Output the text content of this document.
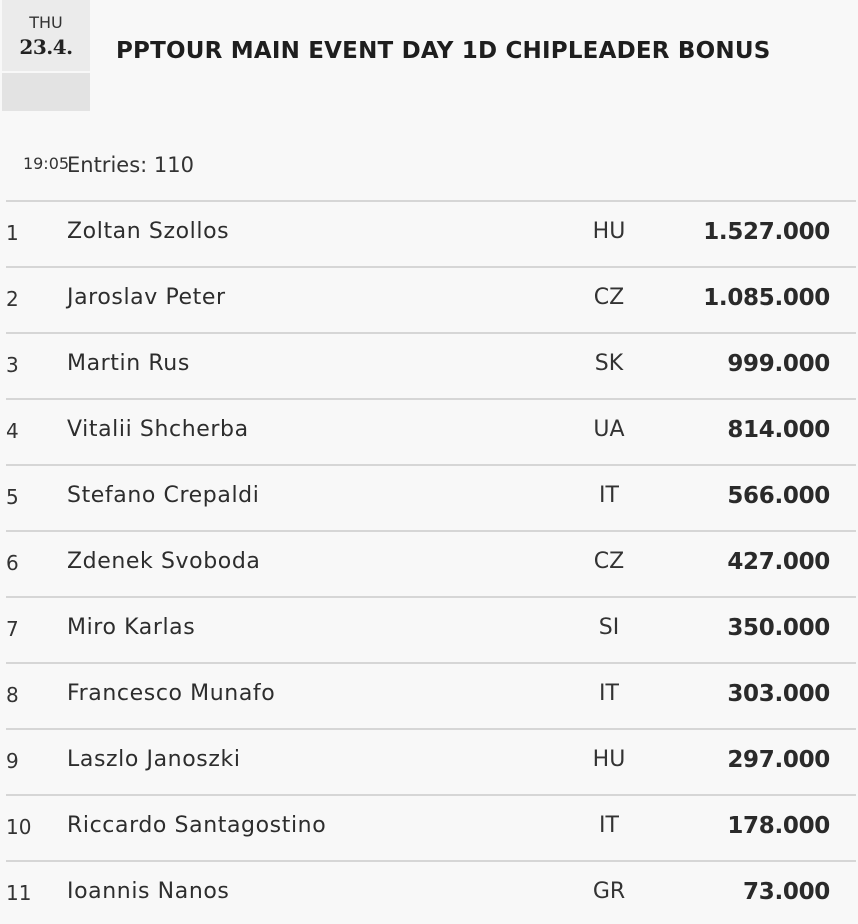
THU
23.4.
19:05
PPTOUR MAIN EVENT DAY 1D CHIPLEADER BONUS
Entries: 110
1 Zoltan Szollos	HU	1.527.000
2 Jaroslav Peter	CZ	1.085.000
3 Martin Rus	SK	999.000
4 Vitalii Shcherba	UA	814.000
5 Stefano Crepaldi	IT	566.000
6 Zdenek Svoboda	CZ	427.000
7 Miro Karlas	SI	350.000
8 Francesco Munafo	IT	303.000
9 Laszlo Janoszki	HU	297.000
10 Riccardo Santagostino	IT	178.000
11 Ioannis Nanos	GR	73.000
